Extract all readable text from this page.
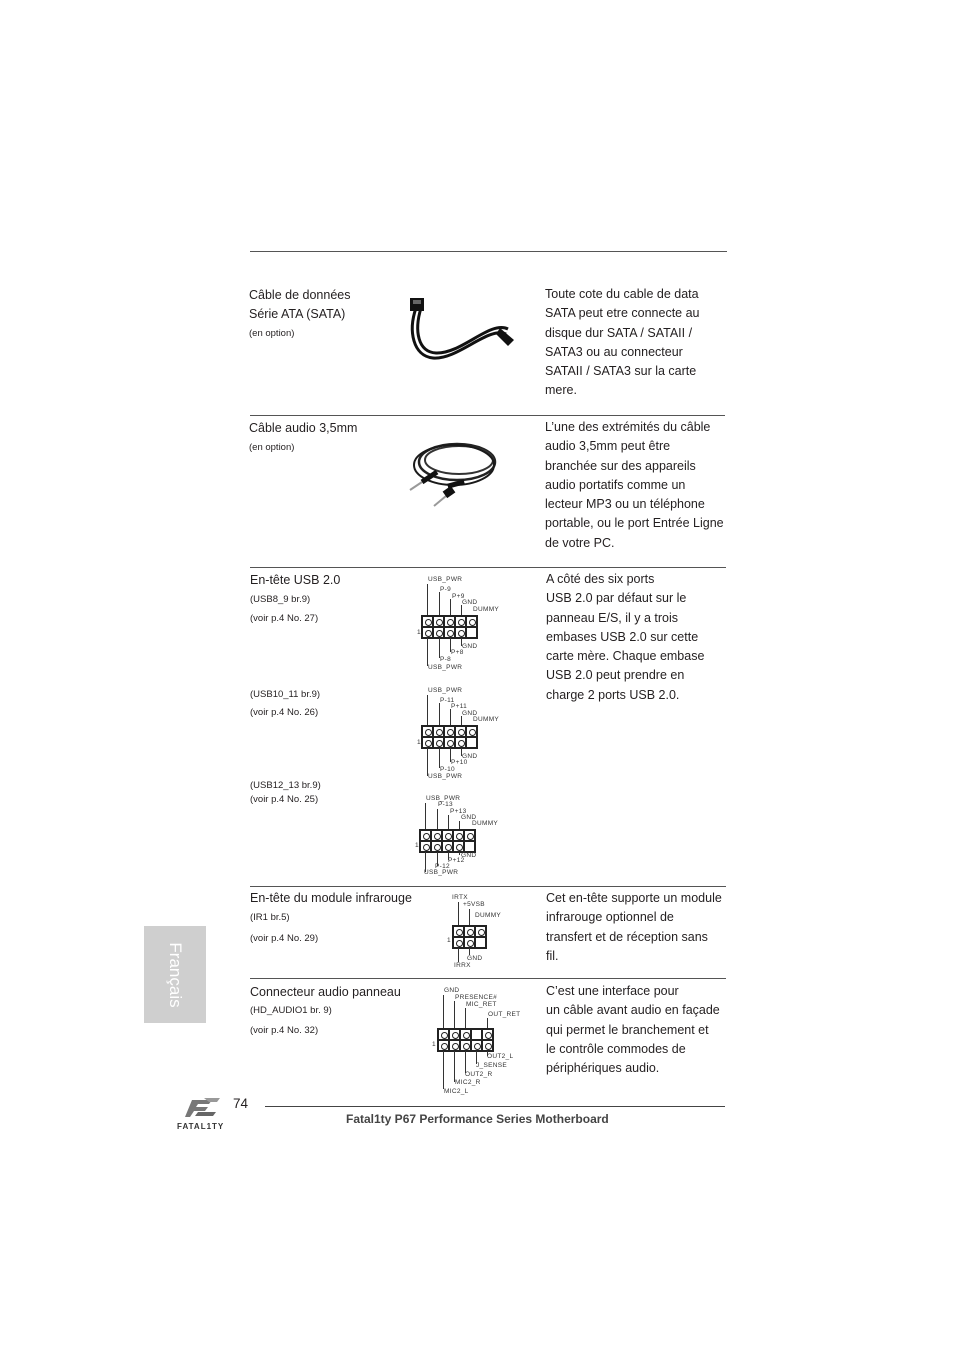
Câble de données
Série ATA (SATA)
(en option)
Toute cote du cable de data
SATA peut etre connecte au
disque dur SATA / SATAII /
SATA3 ou au connecteur
SATAII / SATA3 sur la carte
mere.
Câble audio 3,5mm
(en option)
L’une des extrémités du câble
audio 3,5mm peut être
branchée sur des appareils
audio portatifs comme un
lecteur MP3 ou un téléphone
portable, ou le port Entrée Ligne
de votre PC.
En-tête USB 2.0
(USB8_9 br.9)
(voir p.4 No. 27)
(USB10_11 br.9)
(voir p.4 No. 26)
(USB12_13 br.9)
(voir p.4 No. 25)
USB_PWR
P-9
P+9
GND
DUMMY
1
GND
P+8
P-8
USB_PWR
USB_PWR
P-11
P+11
GND
DUMMY
1
GND
P+10
P-10
USB_PWR
USB_PWR
P-13
P+13
GND
DUMMY
1
GND
P+12
P-12
USB_PWR
A côté des six ports
USB 2.0 par défaut sur le
panneau E/S, il y a trois
embases USB 2.0 sur cette
carte mère. Chaque embase
USB 2.0 peut prendre en
charge 2 ports USB 2.0.
En-tête du module infrarouge
(IR1 br.5)
(voir p.4 No. 29)
IRTX
+5VSB
DUMMY
1
GND
IRRX
Cet en-tête supporte un module
infrarouge optionnel de
transfert et de réception sans
fil.
Connecteur audio panneau
(HD_AUDIO1 br. 9)
(voir p.4 No. 32)
GND
PRESENCE#
MIC_RET
OUT_RET
1
OUT2_L
J_SENSE
OUT2_R
MIC2_R
MIC2_L
C’est une interface pour
un câble avant audio en façade
qui permet le branchement et
le contrôle commodes de
périphériques audio.
Français
FATAL1TY
74
Fatal1ty P67 Performance Series Motherboard
